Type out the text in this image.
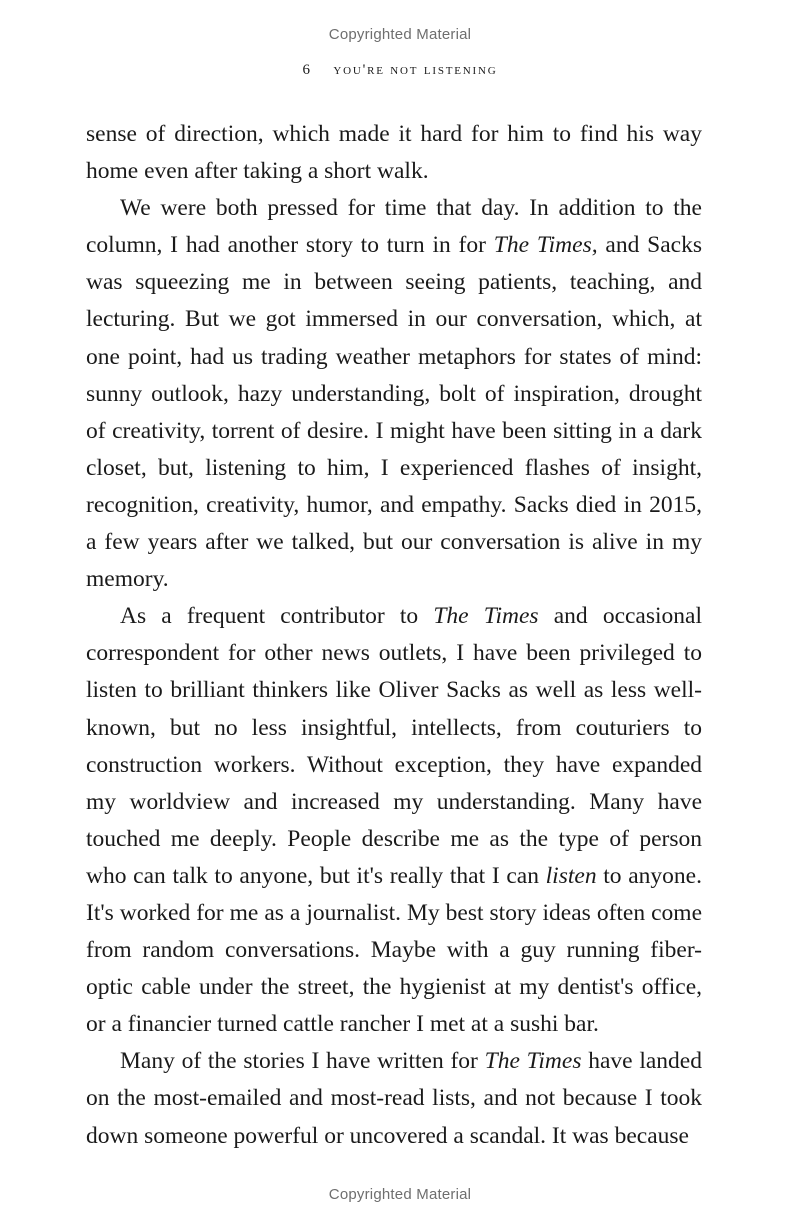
Copyrighted Material
6 you're not listening

sense of direction, which made it hard for him to find his way home even after taking a short walk.

We were both pressed for time that day. In addition to the column, I had another story to turn in for The Times, and Sacks was squeezing me in between seeing patients, teaching, and lecturing. But we got immersed in our conversation, which, at one point, had us trading weather metaphors for states of mind: sunny outlook, hazy understanding, bolt of inspiration, drought of creativity, torrent of desire. I might have been sitting in a dark closet, but, listening to him, I experienced flashes of insight, recognition, creativity, humor, and empathy. Sacks died in 2015, a few years after we talked, but our conversation is alive in my memory.

As a frequent contributor to The Times and occasional correspondent for other news outlets, I have been privileged to listen to brilliant thinkers like Oliver Sacks as well as less well-known, but no less insightful, intellects, from couturiers to construction workers. Without exception, they have expanded my worldview and increased my understanding. Many have touched me deeply. People describe me as the type of person who can talk to anyone, but it's really that I can listen to anyone. It's worked for me as a journalist. My best story ideas often come from random conversations. Maybe with a guy running fiber-optic cable under the street, the hygienist at my dentist's office, or a financier turned cattle rancher I met at a sushi bar.

Many of the stories I have written for The Times have landed on the most-emailed and most-read lists, and not because I took down someone powerful or uncovered a scandal. It was because

Copyrighted Material
